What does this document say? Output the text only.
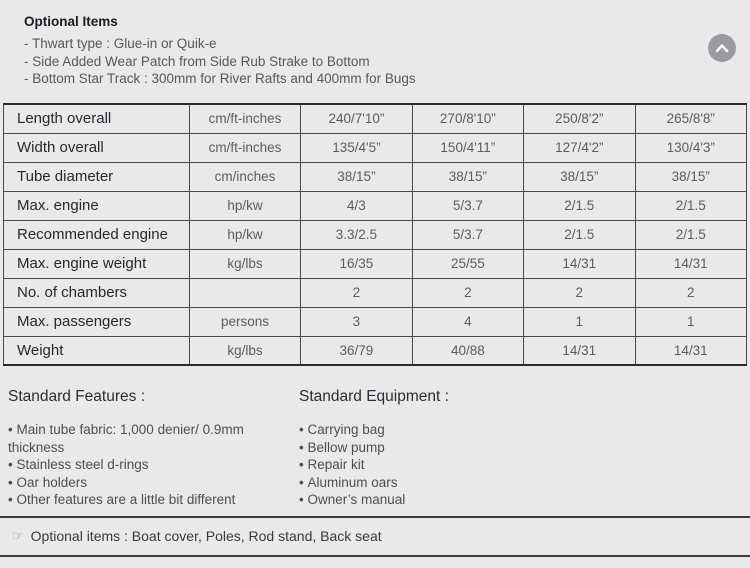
Optional Items
- Thwart type : Glue-in or Quik-e
- Side Added Wear Patch from Side Rub Strake to Bottom
- Bottom Star Track : 300mm for River Rafts and 400mm for Bugs
Length overall	cm/ft-inches	240/7'10”	270/8'10”	250/8'2”	265/8'8”
Width overall	cm/ft-inches	135/4'5”	150/4'11”	127/4'2”	130/4'3”
Tube diameter	cm/inches	38/15”	38/15”	38/15”	38/15”
Max. engine	hp/kw	4/3	5/3.7	2/1.5	2/1.5
Recommended engine	hp/kw	3.3/2.5	5/3.7	2/1.5	2/1.5
Max. engine weight	kg/lbs	16/35	25/55	14/31	14/31
No. of chambers		2	2	2	2
Max. passengers	persons	3	4	1	1
Weight	kg/lbs	36/79	40/88	14/31	14/31
Standard Features :
• Main tube fabric: 1,000 denier/ 0.9mm thickness
• Stainless steel d-rings
• Oar holders
• Other features are a little bit different
Standard Equipment :
• Carrying bag
• Bellow pump
• Repair kit
• Aluminum oars
• Owner’s manual
☞ Optional items : Boat cover, Poles, Rod stand, Back seat
